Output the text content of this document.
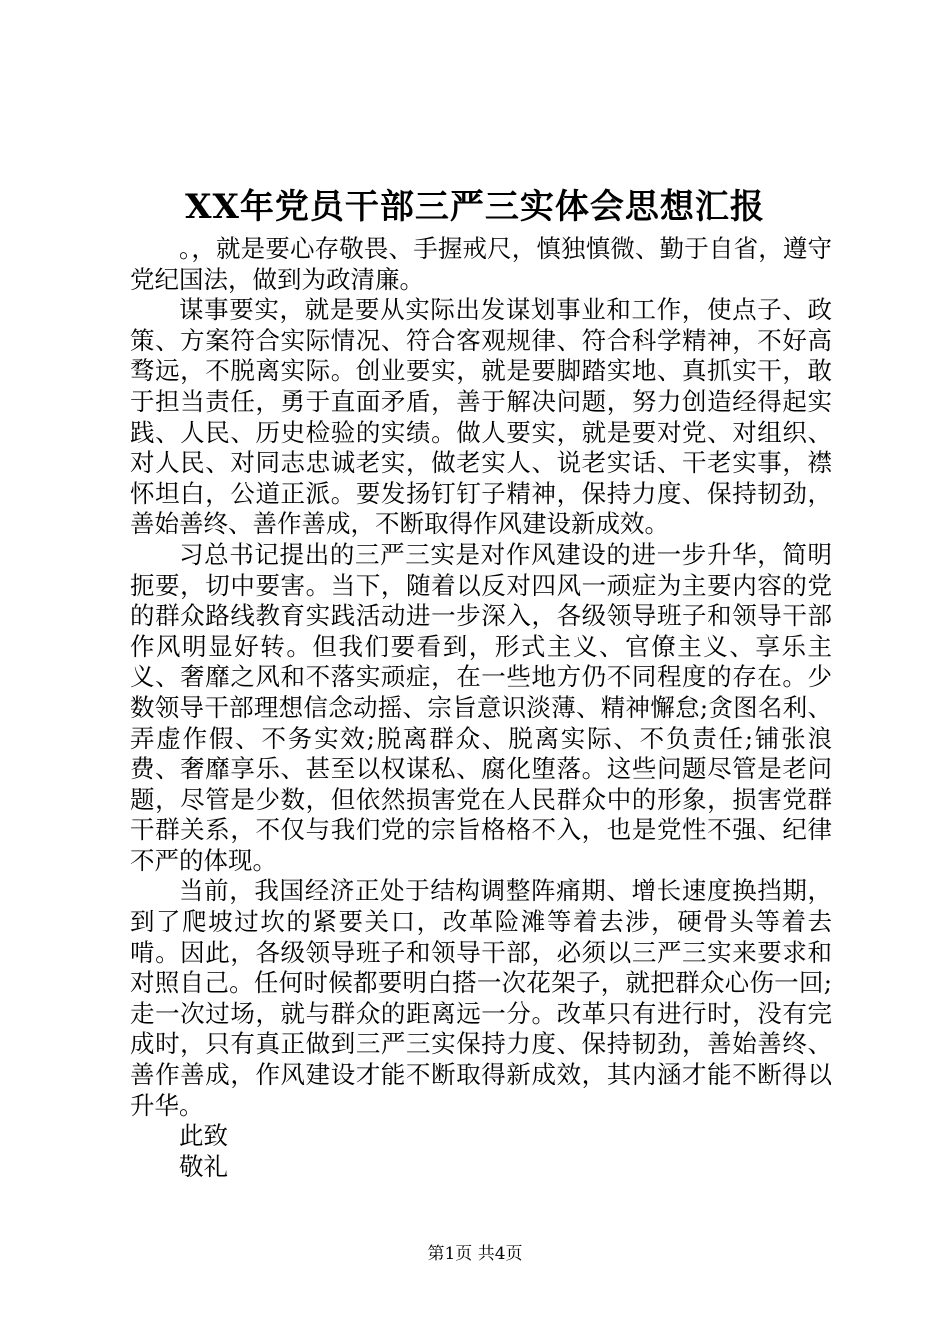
XX年党员干部三严三实体会思想汇报

。，就是要心存敬畏、手握戒尺，慎独慎微、勤于自省，遵守党纪国法，做到为政清廉。

谋事要实，就是要从实际出发谋划事业和工作，使点子、政策、方案符合实际情况、符合客观规律、符合科学精神，不好高骛远，不脱离实际。创业要实，就是要脚踏实地、真抓实干，敢于担当责任，勇于直面矛盾，善于解决问题，努力创造经得起实践、人民、历史检验的实绩。做人要实，就是要对党、对组织、对人民、对同志忠诚老实，做老实人、说老实话、干老实事，襟怀坦白，公道正派。要发扬钉钉子精神，保持力度、保持韧劲，善始善终、善作善成，不断取得作风建设新成效。

习总书记提出的三严三实是对作风建设的进一步升华，简明扼要，切中要害。当下，随着以反对四风一顽症为主要内容的党的群众路线教育实践活动进一步深入，各级领导班子和领导干部作风明显好转。但我们要看到，形式主义、官僚主义、享乐主义、奢靡之风和不落实顽症，在一些地方仍不同程度的存在。少数领导干部理想信念动摇、宗旨意识淡薄、精神懈怠;贪图名利、弄虚作假、不务实效;脱离群众、脱离实际、不负责任;铺张浪费、奢靡享乐、甚至以权谋私、腐化堕落。这些问题尽管是老问题，尽管是少数，但依然损害党在人民群众中的形象，损害党群干群关系，不仅与我们党的宗旨格格不入，也是党性不强、纪律不严的体现。

当前，我国经济正处于结构调整阵痛期、增长速度换挡期，到了爬坡过坎的紧要关口，改革险滩等着去涉，硬骨头等着去啃。因此，各级领导班子和领导干部，必须以三严三实来要求和对照自己。任何时候都要明白搭一次花架子，就把群众心伤一回;走一次过场，就与群众的距离远一分。改革只有进行时，没有完成时，只有真正做到三严三实保持力度、保持韧劲，善始善终、善作善成，作风建设才能不断取得新成效，其内涵才能不断得以升华。

此致

敬礼

第1页 共4页
